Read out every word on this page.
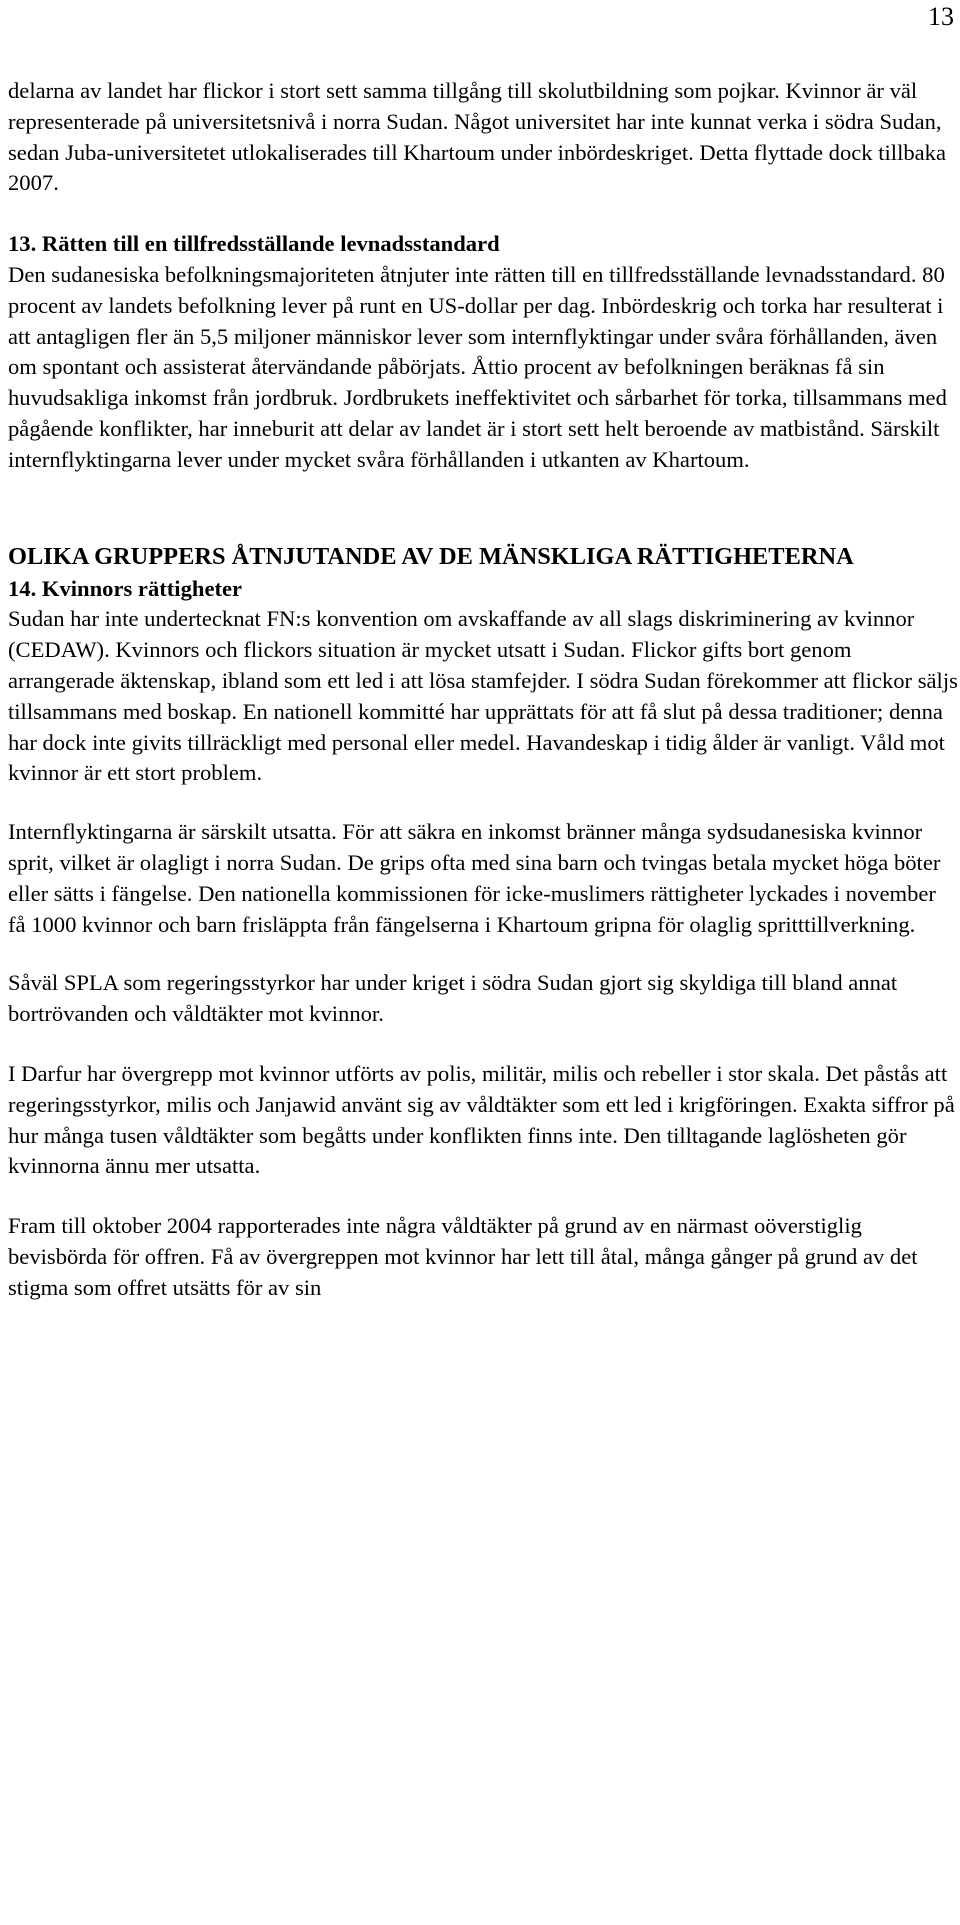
13

delarna av landet har flickor i stort sett samma tillgång till skolutbildning som pojkar. Kvinnor är väl representerade på universitetsnivå i norra Sudan. Något universitet har inte kunnat verka i södra Sudan, sedan Juba-universitetet utlokaliserades till Khartoum under inbördeskriget. Detta flyttade dock tillbaka 2007.

13. Rätten till en tillfredsställande levnadsstandard

Den sudanesiska befolkningsmajoriteten åtnjuter inte rätten till en tillfredsställande levnadsstandard. 80 procent av landets befolkning lever på runt en US-dollar per dag. Inbördeskrig och torka har resulterat i att antagligen fler än 5,5 miljoner människor lever som internflyktingar under svåra förhållanden, även om spontant och assisterat återvändande påbörjats. Åttio procent av befolkningen beräknas få sin huvudsakliga inkomst från jordbruk. Jordbrukets ineffektivitet och sårbarhet för torka, tillsammans med pågående konflikter, har inneburit att delar av landet är i stort sett helt beroende av matbistånd. Särskilt internflyktingarna lever under mycket svåra förhållanden i utkanten av Khartoum.

OLIKA GRUPPERS ÅTNJUTANDE AV DE MÄNSKLIGA RÄTTIGHETERNA

14. Kvinnors rättigheter

Sudan har inte undertecknat FN:s konvention om avskaffande av all slags diskriminering av kvinnor (CEDAW). Kvinnors och flickors situation är mycket utsatt i Sudan. Flickor gifts bort genom arrangerade äktenskap, ibland som ett led i att lösa stamfejder. I södra Sudan förekommer att flickor säljs tillsammans med boskap. En nationell kommitté har upprättats för att få slut på dessa traditioner; denna har dock inte givits tillräckligt med personal eller medel. Havandeskap i tidig ålder är vanligt. Våld mot kvinnor är ett stort problem.

Internflyktingarna är särskilt utsatta. För att säkra en inkomst bränner många sydsudanesiska kvinnor sprit, vilket är olagligt i norra Sudan. De grips ofta med sina barn och tvingas betala mycket höga böter eller sätts i fängelse. Den nationella kommissionen för icke-muslimers rättigheter lyckades i november få 1000 kvinnor och barn frisläppta från fängelserna i Khartoum gripna för olaglig spritttillverkning.

Såväl SPLA som regeringsstyrkor har under kriget i södra Sudan gjort sig skyldiga till bland annat bortrövanden och våldtäkter mot kvinnor.

I Darfur har övergrepp mot kvinnor utförts av polis, militär, milis och rebeller i stor skala. Det påstås att regeringsstyrkor, milis och Janjawid använt sig av våldtäkter som ett led i krigföringen. Exakta siffror på hur många tusen våldtäkter som begåtts under konflikten finns inte. Den tilltagande laglösheten gör kvinnorna ännu mer utsatta.

Fram till oktober 2004 rapporterades inte några våldtäkter på grund av en närmast oöverstiglig bevisbörda för offren. Få av övergreppen mot kvinnor har lett till åtal, många gånger på grund av det stigma som offret utsätts för av sin
